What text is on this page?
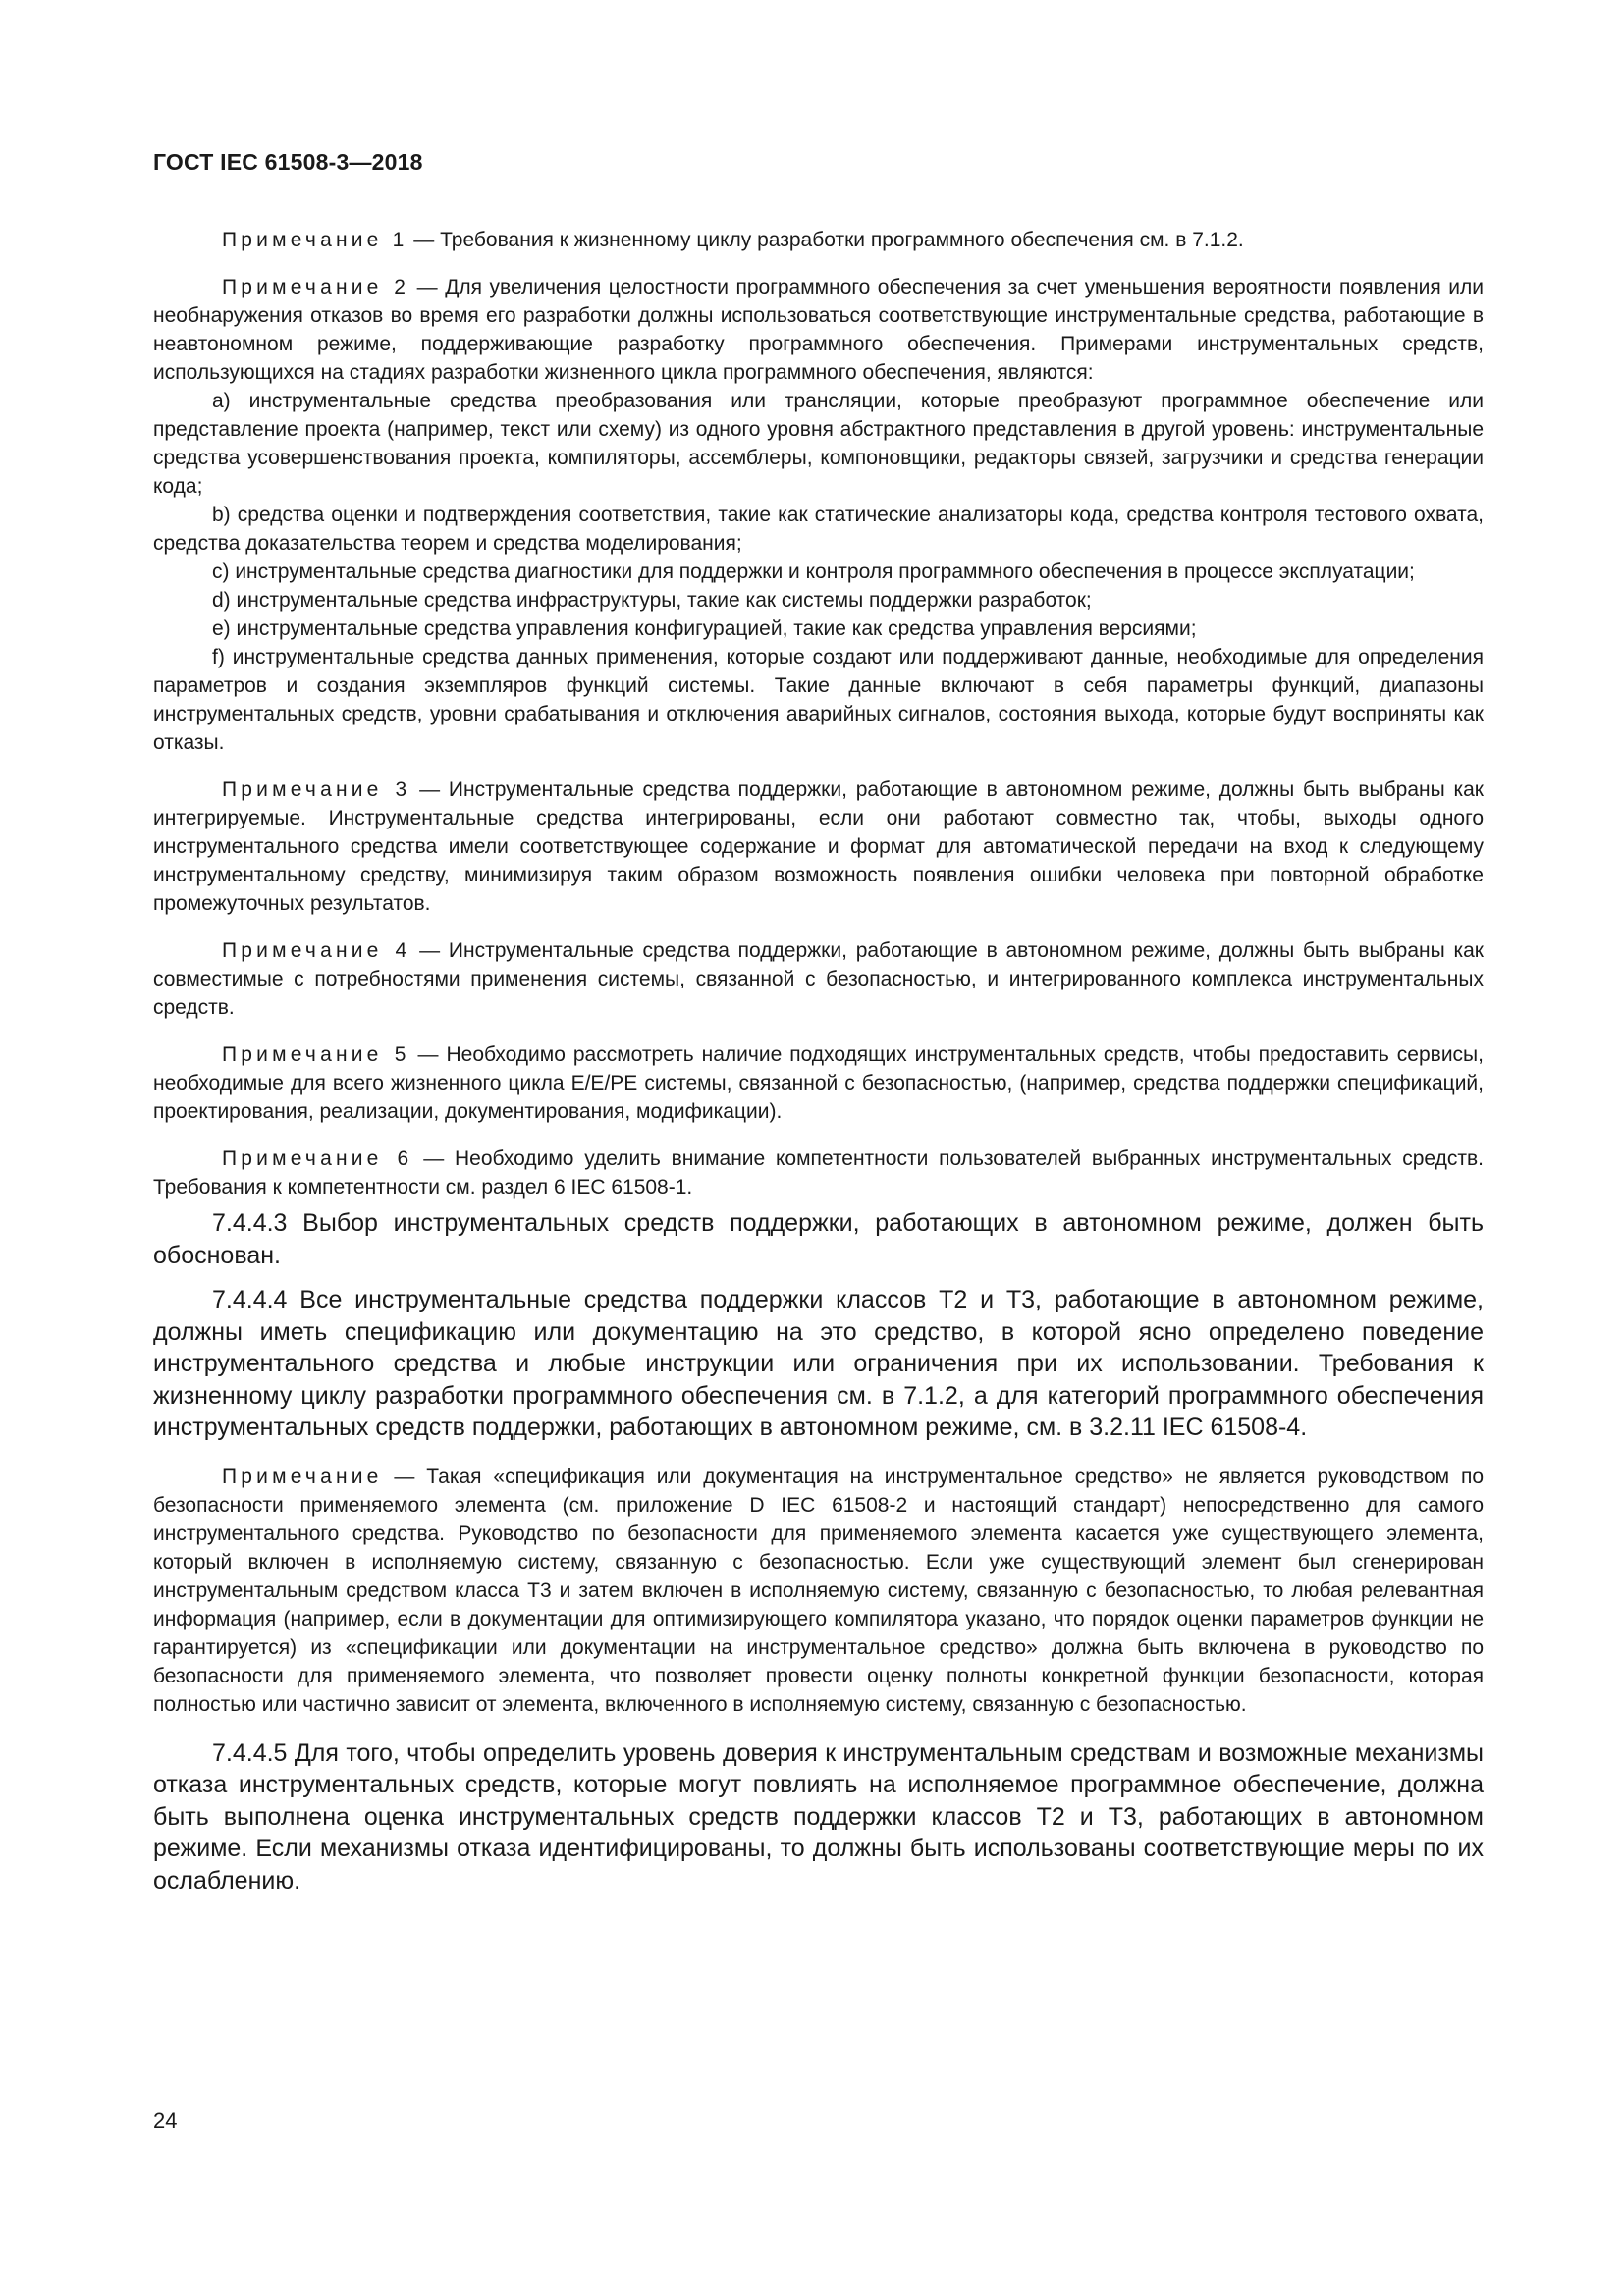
ГОСТ IEC 61508-3—2018

Примечание 1 — Требования к жизненному циклу разработки программного обеспечения см. в 7.1.2.

Примечание 2 — Для увеличения целостности программного обеспечения за счет уменьшения вероятности появления или необнаружения отказов во время его разработки должны использоваться соответствующие инструментальные средства, работающие в неавтономном режиме, поддерживающие разработку программного обеспечения. Примерами инструментальных средств, использующихся на стадиях разработки жизненного цикла программного обеспечения, являются:

а) инструментальные средства преобразования или трансляции, которые преобразуют программное обеспечение или представление проекта (например, текст или схему) из одного уровня абстрактного представления в другой уровень: инструментальные средства усовершенствования проекта, компиляторы, ассемблеры, компоновщики, редакторы связей, загрузчики и средства генерации кода;

b) средства оценки и подтверждения соответствия, такие как статические анализаторы кода, средства контроля тестового охвата, средства доказательства теорем и средства моделирования;

c) инструментальные средства диагностики для поддержки и контроля программного обеспечения в процессе эксплуатации;

d) инструментальные средства инфраструктуры, такие как системы поддержки разработок;

e) инструментальные средства управления конфигурацией, такие как средства управления версиями;

f) инструментальные средства данных применения, которые создают или поддерживают данные, необходимые для определения параметров и создания экземпляров функций системы. Такие данные включают в себя параметры функций, диапазоны инструментальных средств, уровни срабатывания и отключения аварийных сигналов, состояния выхода, которые будут восприняты как отказы.

Примечание 3 — Инструментальные средства поддержки, работающие в автономном режиме, должны быть выбраны как интегрируемые. Инструментальные средства интегрированы, если они работают совместно так, чтобы, выходы одного инструментального средства имели соответствующее содержание и формат для автоматической передачи на вход к следующему инструментальному средству, минимизируя таким образом возможность появления ошибки человека при повторной обработке промежуточных результатов.

Примечание 4 — Инструментальные средства поддержки, работающие в автономном режиме, должны быть выбраны как совместимые с потребностями применения системы, связанной с безопасностью, и интегрированного комплекса инструментальных средств.

Примечание 5 — Необходимо рассмотреть наличие подходящих инструментальных средств, чтобы предоставить сервисы, необходимые для всего жизненного цикла Е/Е/РЕ системы, связанной с безопасностью, (например, средства поддержки спецификаций, проектирования, реализации, документирования, модификации).

Примечание 6 — Необходимо уделить внимание компетентности пользователей выбранных инструментальных средств. Требования к компетентности см. раздел 6 IEC 61508-1.

7.4.4.3 Выбор инструментальных средств поддержки, работающих в автономном режиме, должен быть обоснован.

7.4.4.4 Все инструментальные средства поддержки классов Т2 и Т3, работающие в автономном режиме, должны иметь спецификацию или документацию на это средство, в которой ясно определено поведение инструментального средства и любые инструкции или ограничения при их использовании. Требования к жизненному циклу разработки программного обеспечения см. в 7.1.2, а для категорий программного обеспечения инструментальных средств поддержки, работающих в автономном режиме, см. в 3.2.11 IEC 61508-4.

Примечание — Такая «спецификация или документация на инструментальное средство» не является руководством по безопасности применяемого элемента (см. приложение D IEC 61508-2 и настоящий стандарт) непосредственно для самого инструментального средства. Руководство по безопасности для применяемого элемента касается уже существующего элемента, который включен в исполняемую систему, связанную с безопасностью. Если уже существующий элемент был сгенерирован инструментальным средством класса Т3 и затем включен в исполняемую систему, связанную с безопасностью, то любая релевантная информация (например, если в документации для оптимизирующего компилятора указано, что порядок оценки параметров функции не гарантируется) из «спецификации или документации на инструментальное средство» должна быть включена в руководство по безопасности для применяемого элемента, что позволяет провести оценку полноты конкретной функции безопасности, которая полностью или частично зависит от элемента, включенного в исполняемую систему, связанную с безопасностью.

7.4.4.5 Для того, чтобы определить уровень доверия к инструментальным средствам и возможные механизмы отказа инструментальных средств, которые могут повлиять на исполняемое программное обеспечение, должна быть выполнена оценка инструментальных средств поддержки классов Т2 и Т3, работающих в автономном режиме. Если механизмы отказа идентифицированы, то должны быть использованы соответствующие меры по их ослаблению.

24
